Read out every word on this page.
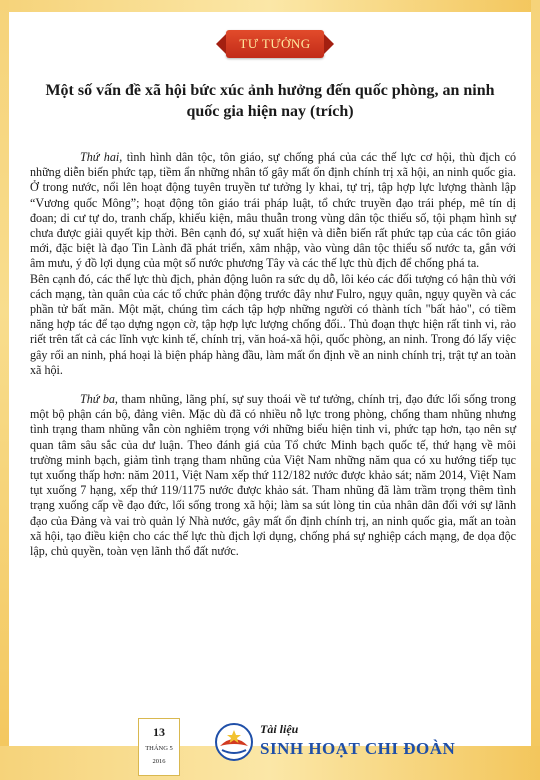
TƯ TƯỞNG
Một số vấn đề xã hội bức xúc ảnh hưởng đến quốc phòng, an ninh quốc gia hiện nay (trích)

Thứ hai, tình hình dân tộc, tôn giáo, sự chống phá của các thế lực cơ hội, thù địch có những diễn biến phức tạp, tiềm ẩn những nhân tố gây mất ổn định chính trị xã hội, an ninh quốc gia. Ở trong nước, nổi lên hoạt động tuyên truyền tư tưởng ly khai, tự trị, tập hợp lực lượng thành lập “Vương quốc Mông”; hoạt động tôn giáo trái pháp luật, tổ chức truyền đạo trái phép, mê tín dị đoan; di cư tự do, tranh chấp, khiếu kiện, mâu thuẫn trong vùng dân tộc thiểu số, tội phạm hình sự chưa được giải quyết kịp thời. Bên cạnh đó, sự xuất hiện và diễn biến rất phức tạp của các tôn giáo mới, đặc biệt là đạo Tin Lành đã phát triển, xâm nhập, vào vùng dân tộc thiểu số nước ta, gắn với âm mưu, ý đồ lợi dụng của một số nước phương Tây và các thế lực thù địch để chống phá ta.

Bên cạnh đó, các thế lực thù địch, phản động luôn ra sức dụ dỗ, lôi kéo các đối tượng có hận thù với cách mạng, tàn quân của các tổ chức phản động trước đây như Fulro, ngụy quân, ngụy quyền và các phần tử bất mãn. Một mặt, chúng tìm cách tập hợp những người có thành tích "bất hảo", có tiềm năng hợp tác để tạo dựng ngọn cờ, tập hợp lực lượng chống đối.. Thủ đoạn thực hiện rất tinh vi, rảo riết trên tất cả các lĩnh vực kinh tế, chính trị, văn hoá-xã hội, quốc phòng, an ninh. Trong đó lấy việc gây rối an ninh, phá hoại là biện pháp hàng đầu, làm mất ổn định về an ninh chính trị, trật tự an toàn xã hội.

Thứ ba, tham nhũng, lãng phí, sự suy thoái về tư tưởng, chính trị, đạo đức lối sống trong một bộ phận cán bộ, đảng viên. Mặc dù đã có nhiều nỗ lực trong phòng, chống tham nhũng nhưng tình trạng tham nhũng vẫn còn nghiêm trọng với những biểu hiện tinh vi, phức tạp hơn, tạo nên sự quan tâm sâu sắc của dư luận. Theo đánh giá của Tổ chức Minh bạch quốc tế, thứ hạng về môi trường minh bạch, giảm tình trạng tham nhũng của Việt Nam những năm qua có xu hướng tiếp tục tụt xuống thấp hơn: năm 2011, Việt Nam xếp thứ 112/182 nước được khảo sát; năm 2014, Việt Nam tụt xuống 7 hạng, xếp thứ 119/1175 nước được khảo sát. Tham nhũng đã làm trầm trọng thêm tình trạng xuống cấp về đạo đức, lối sống trong xã hội; làm sa sút lòng tin của nhân dân đối với sự lãnh đạo của Đảng và vai trò quản lý Nhà nước, gây mất ổn định chính trị, an ninh quốc gia, mất an toàn xã hội, tạo điều kiện cho các thế lực thù địch lợi dụng, chống phá sự nghiệp cách mạng, đe dọa độc lập, chủ quyền, toàn vẹn lãnh thổ đất nước.

13
THÁNG 5
2016
Tài liệu
SINH HOẠT CHI ĐOÀN
